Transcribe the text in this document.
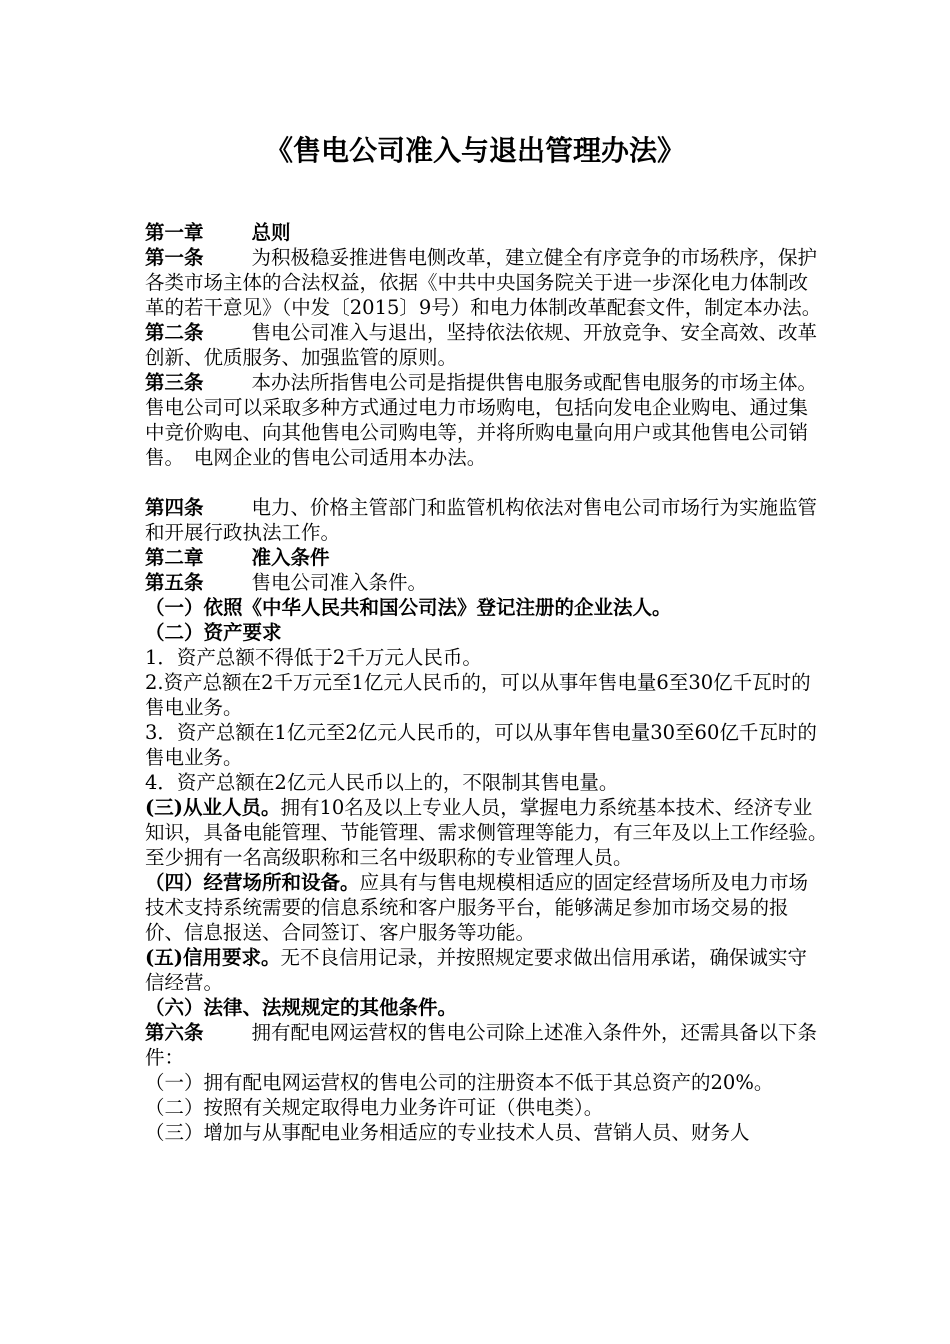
《售电公司准入与退出管理办法》

第一章 总则

第一条 为积极稳妥推进售电侧改革，建立健全有序竞争的市场秩序，保护各类市场主体的合法权益，依据《中共中央国务院关于进一步深化电力体制改革的若干意见》（中发〔2015〕9号）和电力体制改革配套文件，制定本办法。

第二条 售电公司准入与退出，坚持依法依规、开放竞争、安全高效、改革创新、优质服务、加强监管的原则。

第三条 本办法所指售电公司是指提供售电服务或配售电服务的市场主体。售电公司可以采取多种方式通过电力市场购电，包括向发电企业购电、通过集中竞价购电、向其他售电公司购电等，并将所购电量向用户或其他售电公司销售。　电网企业的售电公司适用本办法。

第四条 电力、价格主管部门和监管机构依法对售电公司市场行为实施监管和开展行政执法工作。

第二章 准入条件

第五条 售电公司准入条件。

（一）依照《中华人民共和国公司法》登记注册的企业法人。

（二）资产要求

1．资产总额不得低于2千万元人民币。

2.资产总额在2千万元至1亿元人民币的，可以从事年售电量6至30亿千瓦时的售电业务。

3．资产总额在1亿元至2亿元人民币的，可以从事年售电量30至60亿千瓦时的售电业务。

4．资产总额在2亿元人民币以上的，不限制其售电量。

(三)从业人员。拥有10名及以上专业人员，掌握电力系统基本技术、经济专业知识，具备电能管理、节能管理、需求侧管理等能力，有三年及以上工作经验。　至少拥有一名高级职称和三名中级职称的专业管理人员。

（四）经营场所和设备。应具有与售电规模相适应的固定经营场所及电力市场技术支持系统需要的信息系统和客户服务平台，能够满足参加市场交易的报价、信息报送、合同签订、客户服务等功能。

(五)信用要求。无不良信用记录，并按照规定要求做出信用承诺，确保诚实守信经营。

（六）法律、法规规定的其他条件。

第六条 拥有配电网运营权的售电公司除上述准入条件外，还需具备以下条件：

（一）拥有配电网运营权的售电公司的注册资本不低于其总资产的20%。

（二）按照有关规定取得电力业务许可证（供电类）。

（三）增加与从事配电业务相适应的专业技术人员、营销人员、财务人
